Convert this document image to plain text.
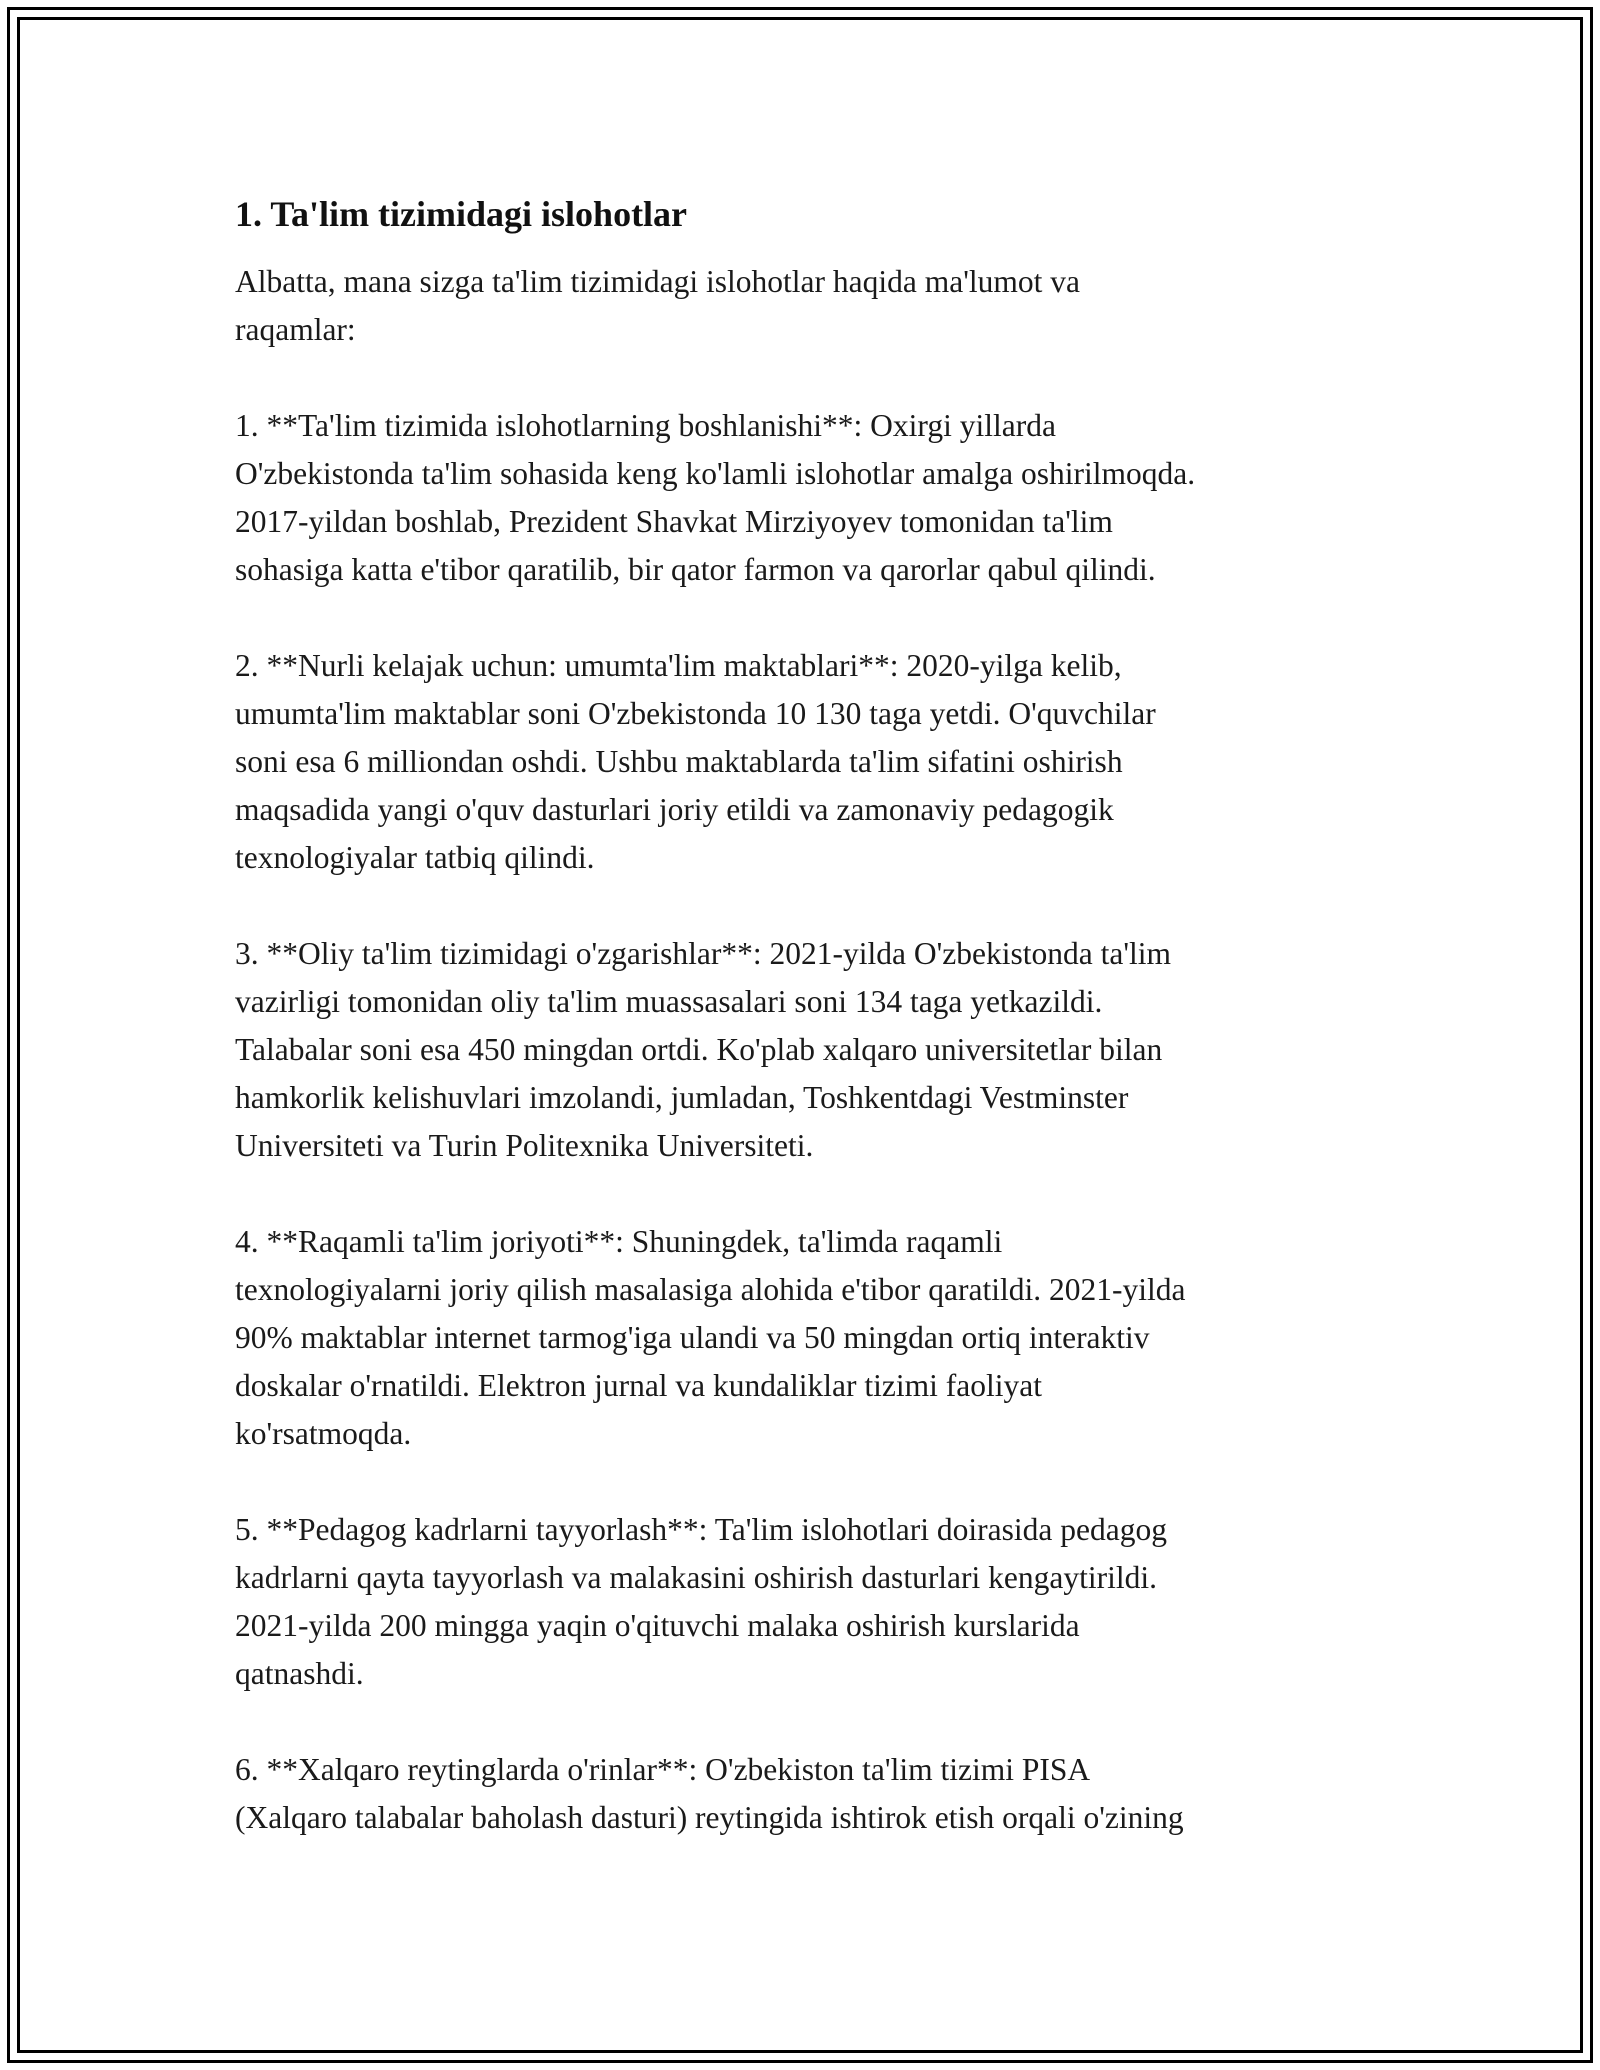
1. Ta'lim tizimidagi islohotlar

Albatta, mana sizga ta'lim tizimidagi islohotlar haqida ma'lumot va
raqamlar:

1. **Ta'lim tizimida islohotlarning boshlanishi**: Oxirgi yillarda
O'zbekistonda ta'lim sohasida keng ko'lamli islohotlar amalga oshirilmoqda.
2017-yildan boshlab, Prezident Shavkat Mirziyoyev tomonidan ta'lim
sohasiga katta e'tibor qaratilib, bir qator farmon va qarorlar qabul qilindi.

2. **Nurli kelajak uchun: umumta'lim maktablari**: 2020-yilga kelib,
umumta'lim maktablar soni O'zbekistonda 10 130 taga yetdi. O'quvchilar
soni esa 6 milliondan oshdi. Ushbu maktablarda ta'lim sifatini oshirish
maqsadida yangi o'quv dasturlari joriy etildi va zamonaviy pedagogik
texnologiyalar tatbiq qilindi.

3. **Oliy ta'lim tizimidagi o'zgarishlar**: 2021-yilda O'zbekistonda ta'lim
vazirligi tomonidan oliy ta'lim muassasalari soni 134 taga yetkazildi.
Talabalar soni esa 450 mingdan ortdi. Ko'plab xalqaro universitetlar bilan
hamkorlik kelishuvlari imzolandi, jumladan, Toshkentdagi Vestminster
Universiteti va Turin Politexnika Universiteti.

4. **Raqamli ta'lim joriyoti**: Shuningdek, ta'limda raqamli
texnologiyalarni joriy qilish masalasiga alohida e'tibor qaratildi. 2021-yilda
90% maktablar internet tarmog'iga ulandi va 50 mingdan ortiq interaktiv
doskalar o'rnatildi. Elektron jurnal va kundaliklar tizimi faoliyat
ko'rsatmoqda.

5. **Pedagog kadrlarni tayyorlash**: Ta'lim islohotlari doirasida pedagog
kadrlarni qayta tayyorlash va malakasini oshirish dasturlari kengaytirildi.
2021-yilda 200 mingga yaqin o'qituvchi malaka oshirish kurslarida
qatnashdi.

6. **Xalqaro reytinglarda o'rinlar**: O'zbekiston ta'lim tizimi PISA
(Xalqaro talabalar baholash dasturi) reytingida ishtirok etish orqali o'zining
